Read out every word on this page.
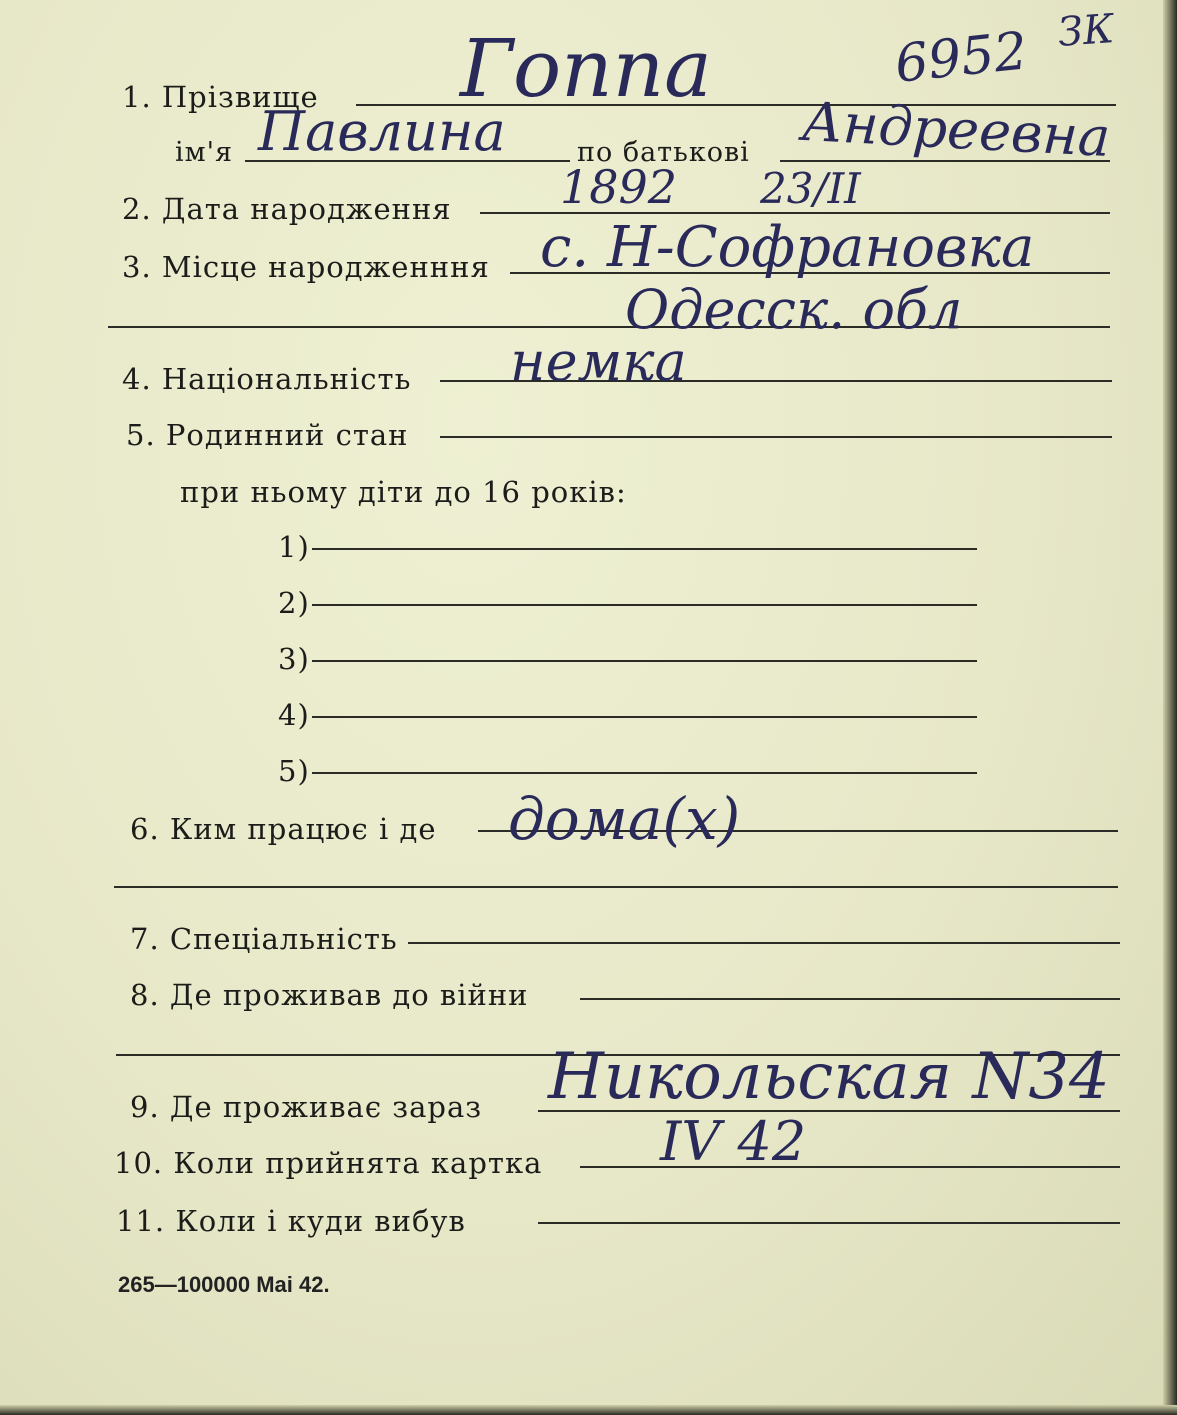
6952 ЗК
1. Прізвище Гоппа
ім'я Павлина	по батькові Андреевна
2. Дата народження 1892 23/II
3. Місце народженння с. Н-Софрановка
Одесск. обл
4. Національність немка
5. Родинний стан
при ньому діти до 16 років:
1)
2)
3)
4)
5)
6. Ким працює і де дома(х)
7. Спеціальність
8. Де проживав до війни
9. Де проживає зараз Никольская N34
10. Коли прийнята картка IV 42
11. Коли і куди вибув
265—100000 Mai 42.
